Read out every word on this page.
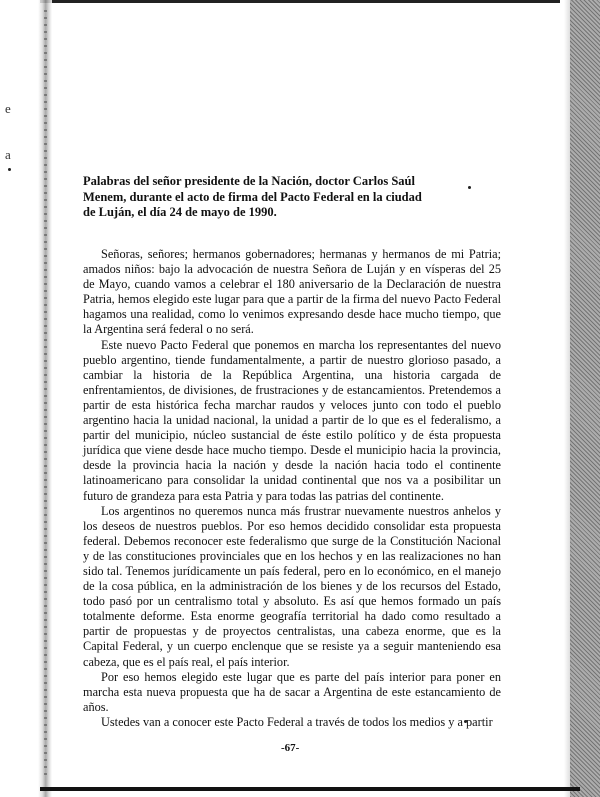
e
a
Palabras del señor presidente de la Nación, doctor Carlos Saúl Menem, durante el acto de firma del Pacto Federal en la ciudad de Luján, el día 24 de mayo de 1990.

Señoras, señores; hermanos gobernadores; hermanas y hermanos de mi Patria; amados niños: bajo la advocación de nuestra Señora de Luján y en vísperas del 25 de Mayo, cuando vamos a celebrar el 180 aniversario de la Declaración de nuestra Patria, hemos elegido este lugar para que a partir de la firma del nuevo Pacto Federal hagamos una realidad, como lo venimos expresando desde hace mucho tiempo, que la Argentina será federal o no será.

Este nuevo Pacto Federal que ponemos en marcha los representantes del nuevo pueblo argentino, tiende fundamentalmente, a partir de nuestro glorioso pasado, a cambiar la historia de la República Argentina, una historia cargada de enfrentamientos, de divisiones, de frustraciones y de estancamientos. Pretendemos a partir de esta histórica fecha marchar raudos y veloces junto con todo el pueblo argentino hacia la unidad nacional, la unidad a partir de lo que es el federalismo, a partir del municipio, núcleo sustancial de éste estilo político y de ésta propuesta jurídica que viene desde hace mucho tiempo. Desde el municipio hacia la provincia, desde la provincia hacia la nación y desde la nación hacia todo el continente latinoamericano para consolidar la unidad continental que nos va a posibilitar un futuro de grandeza para esta Patria y para todas las patrias del continente.

Los argentinos no queremos nunca más frustrar nuevamente nuestros anhelos y los deseos de nuestros pueblos. Por eso hemos decidido consolidar esta propuesta federal. Debemos reconocer este federalismo que surge de la Constitución Nacional y de las constituciones provinciales que en los hechos y en las realizaciones no han sido tal. Tenemos jurídicamente un país federal, pero en lo económico, en el manejo de la cosa pública, en la administración de los bienes y de los recursos del Estado, todo pasó por un centralismo total y absoluto. Es así que hemos formado un país totalmente deforme. Esta enorme geografía territorial ha dado como resultado a partir de propuestas y de proyectos centralistas, una cabeza enorme, que es la Capital Federal, y un cuerpo enclenque que se resiste ya a seguir manteniendo esa cabeza, que es el país real, el país interior.

Por eso hemos elegido este lugar que es parte del país interior para poner en marcha esta nueva propuesta que ha de sacar a Argentina de este estancamiento de años.

Ustedes van a conocer este Pacto Federal a través de todos los medios y a partir

-67-
